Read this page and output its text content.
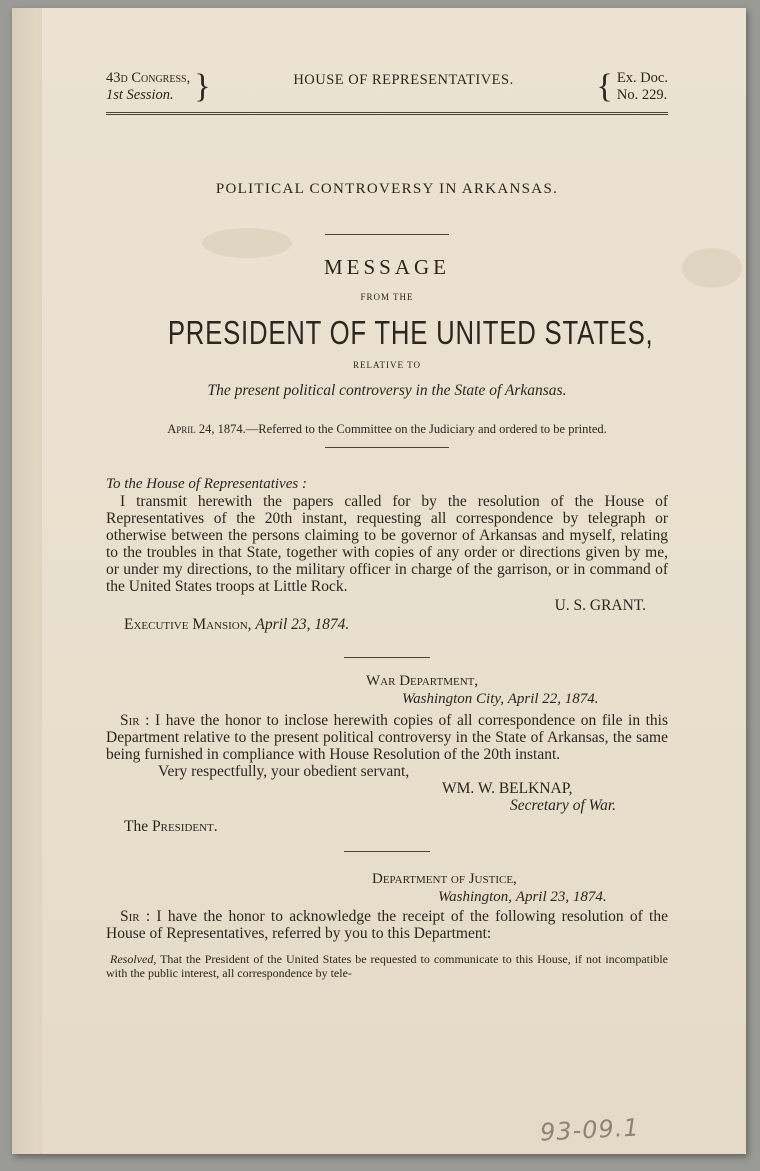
43d Congress,
1st Session. }	HOUSE OF REPRESENTATIVES. { Ex. Doc.
No. 229.
POLITICAL CONTROVERSY IN ARKANSAS.
MESSAGE
FROM THE
PRESIDENT OF THE UNITED STATES,
RELATIVE TO
The present political controversy in the State of Arkansas.
April 24, 1874.—Referred to the Committee on the Judiciary and ordered to be printed.
To the House of Representatives :
I transmit herewith the papers called for by the resolution of the House of Representatives of the 20th instant, requesting all correspondence by telegraph or otherwise between the persons claiming to be governor of Arkansas and myself, relating to the troubles in that State, together with copies of any order or directions given by me, or under my directions, to the military officer in charge of the garrison, or in command of the United States troops at Little Rock.
U. S. GRANT.
Executive Mansion, April 23, 1874.
War Department,
Washington City, April 22, 1874.
Sir : I have the honor to inclose herewith copies of all correspondence on file in this Department relative to the present political controversy in the State of Arkansas, the same being furnished in compliance with House Resolution of the 20th instant.
Very respectfully, your obedient servant,
WM. W. BELKNAP,
Secretary of War.
The President.
Department of Justice,
Washington, April 23, 1874.
Sir : I have the honor to acknowledge the receipt of the following resolution of the House of Representatives, referred by you to this Department:
Resolved, That the President of the United States be requested to communicate to this House, if not incompatible with the public interest, all correspondence by tele-
93-09.1
